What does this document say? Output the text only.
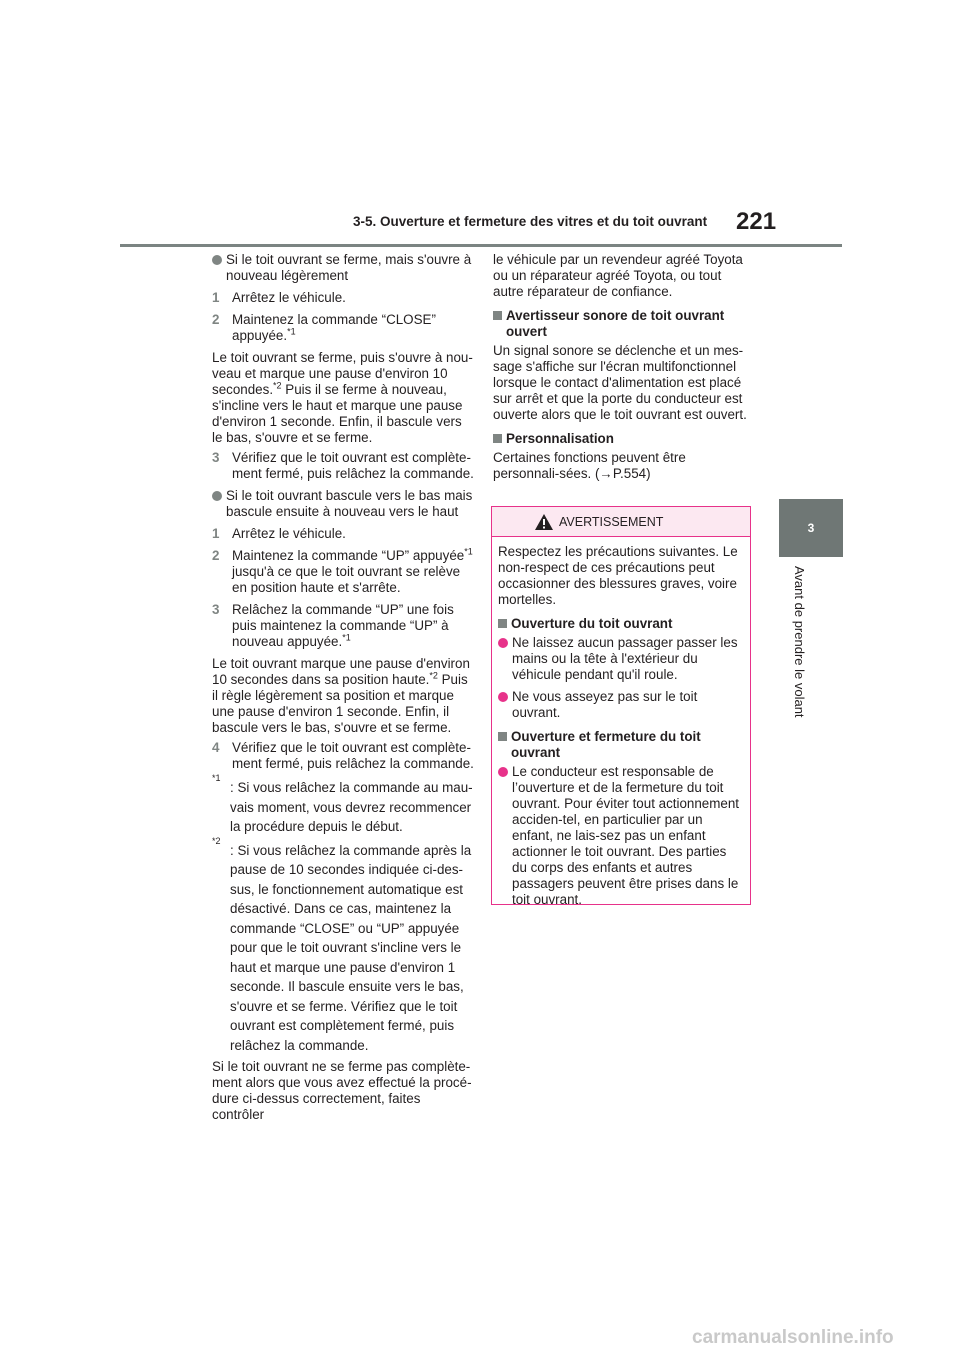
3-5. Ouverture et fermeture des vitres et du toit ouvrant 221
3
Avant de prendre le volant
Si le toit ouvrant se ferme, mais s'ouvre à nouveau légèrement
1 Arrêtez le véhicule.
2 Maintenez la commande “CLOSE” appuyée.$^{*1}$

Le toit ouvrant se ferme, puis s'ouvre à nou-veau et marque une pause d'environ 10 secondes.$^{*2}$ Puis il se ferme à nouveau, s'incline vers le haut et marque une pause d'environ 1 seconde. Enfin, il bascule vers le bas, s'ouvre et se ferme.

3 Vérifiez que le toit ouvrant est complète-ment fermé, puis relâchez la commande.
Si le toit ouvrant bascule vers le bas mais bascule ensuite à nouveau vers le haut
1 Arrêtez le véhicule.
2 Maintenez la commande “UP” appuyée$^{*1}$ jusqu'à ce que le toit ouvrant se relève en position haute et s'arrête.
3 Relâchez la commande “UP” une fois puis maintenez la commande “UP” à nouveau appuyée.$^{*1}$

Le toit ouvrant marque une pause d'environ 10 secondes dans sa position haute.$^{*2}$ Puis il règle légèrement sa position et marque une pause d'environ 1 seconde. Enfin, il bascule vers le bas, s'ouvre et se ferme.

4 Vérifiez que le toit ouvrant est complète-ment fermé, puis relâchez la commande.
*1
: Si vous relâchez la commande au mau-vais moment, vous devrez recommencer la procédure depuis le début.
*2
: Si vous relâchez la commande après la pause de 10 secondes indiquée ci-des-sus, le fonctionnement automatique est désactivé. Dans ce cas, maintenez la commande “CLOSE” ou “UP” appuyée pour que le toit ouvrant s'incline vers le haut et marque une pause d'environ 1 seconde. Il bascule ensuite vers le bas, s'ouvre et se ferme. Vérifiez que le toit ouvrant est complètement fermé, puis relâchez la commande.

Si le toit ouvrant ne se ferme pas complète-ment alors que vous avez effectué la procé-dure ci-dessus correctement, faites contrôler

le véhicule par un revendeur agréé Toyota ou un réparateur agréé Toyota, ou tout autre réparateur de confiance.

Avertisseur sonore de toit ouvrant ouvert

Un signal sonore se déclenche et un mes-sage s'affiche sur l'écran multifonctionnel lorsque le contact d'alimentation est placé sur arrêt et que la porte du conducteur est ouverte alors que le toit ouvrant est ouvert.

Personnalisation

Certaines fonctions peuvent être personnali-sées. (→P.554)

AVERTISSEMENT

Respectez les précautions suivantes. Le non-respect de ces précautions peut occasionner des blessures graves, voire mortelles.

Ouverture du toit ouvrant
Ne laissez aucun passager passer les mains ou la tête à l'extérieur du véhicule pendant qu'il roule.
Ne vous asseyez pas sur le toit ouvrant.
Ouverture et fermeture du toit ouvrant
Le conducteur est responsable de l’ouverture et de la fermeture du toit ouvrant. Pour éviter tout actionnement acciden-tel, en particulier par un enfant, ne lais-sez pas un enfant actionner le toit ouvrant. Des parties du corps des enfants et autres passagers peuvent être prises dans le toit ouvrant.
carmanualsonline.info
